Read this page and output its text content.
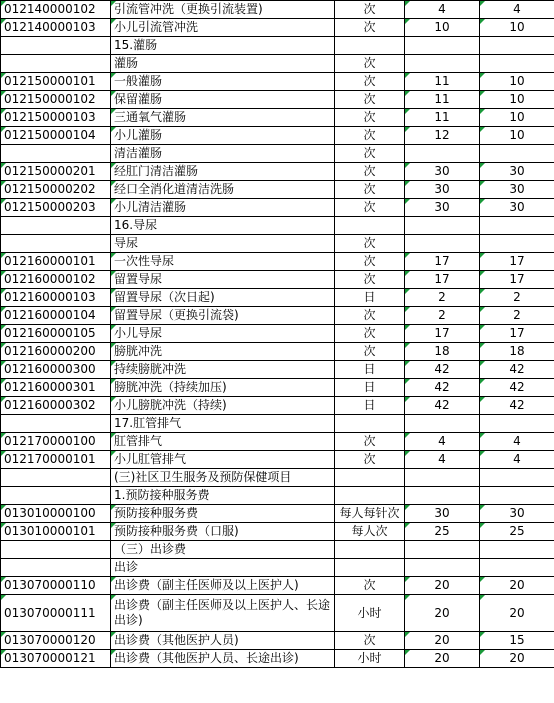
012140000102	引流管冲洗（更换引流装置)	次	4	4
012140000103	小儿引流管冲洗	次	10	10
	15.灌肠			
	灌肠	次		
012150000101	一般灌肠	次	11	10
012150000102	保留灌肠	次	11	10
012150000103	三通氧气灌肠	次	11	10
012150000104	小儿灌肠	次	12	10
	清洁灌肠	次		
012150000201	经肛门清洁灌肠	次	30	30
012150000202	经口全消化道清洁洗肠	次	30	30
012150000203	小儿清洁灌肠	次	30	30
	16.导尿			
	导尿	次		
012160000101	一次性导尿	次	17	17
012160000102	留置导尿	次	17	17
012160000103	留置导尿（次日起)	日	2	2
012160000104	留置导尿（更换引流袋)	次	2	2
012160000105	小儿导尿	次	17	17
012160000200	膀胱冲洗	次	18	18
012160000300	持续膀胱冲洗	日	42	42
012160000301	膀胱冲洗（持续加压)	日	42	42
012160000302	小儿膀胱冲洗（持续)	日	42	42
	17.肛管排气			
012170000100	肛管排气	次	4	4
012170000101	小儿肛管排气	次	4	4
	(三)社区卫生服务及预防保健项目			
	1.预防接种服务费			
013010000100	预防接种服务费	每人每针次	30	30
013010000101	预防接种服务费（口服)	每人次	25	25
	（三）出诊费			
	出诊			
013070000110	出诊费（副主任医师及以上医护人)	次	20	20
013070000111	出诊费（副主任医师及以上医护人、长途出诊)	小时	20	20
013070000120	出诊费（其他医护人员)	次	20	15
013070000121	出诊费（其他医护人员、长途出诊)	小时	20	20
